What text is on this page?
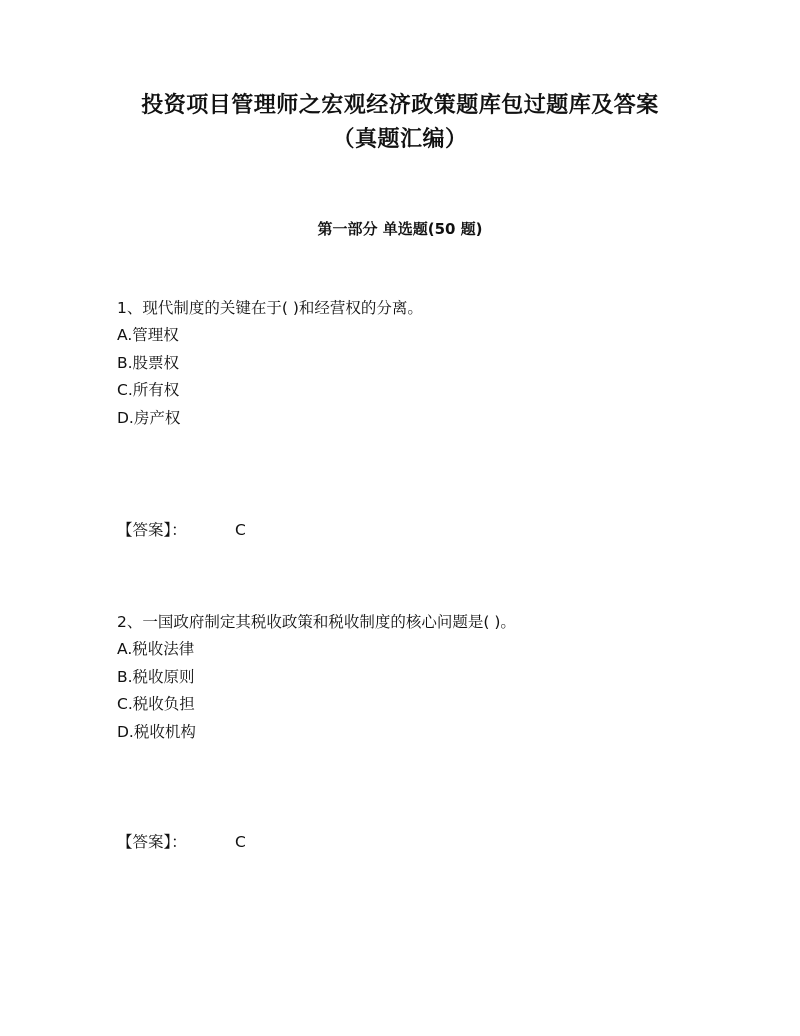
投资项目管理师之宏观经济政策题库包过题库及答案
（真题汇编）
第一部分 单选题(50 题)
1、现代制度的关键在于( )和经营权的分离。
A.管理权
B.股票权
C.所有权
D.房产权
【答案】：	C
2、一国政府制定其税收政策和税收制度的核心问题是( )。
A.税收法律
B.税收原则
C.税收负担
D.税收机构
【答案】：	C
